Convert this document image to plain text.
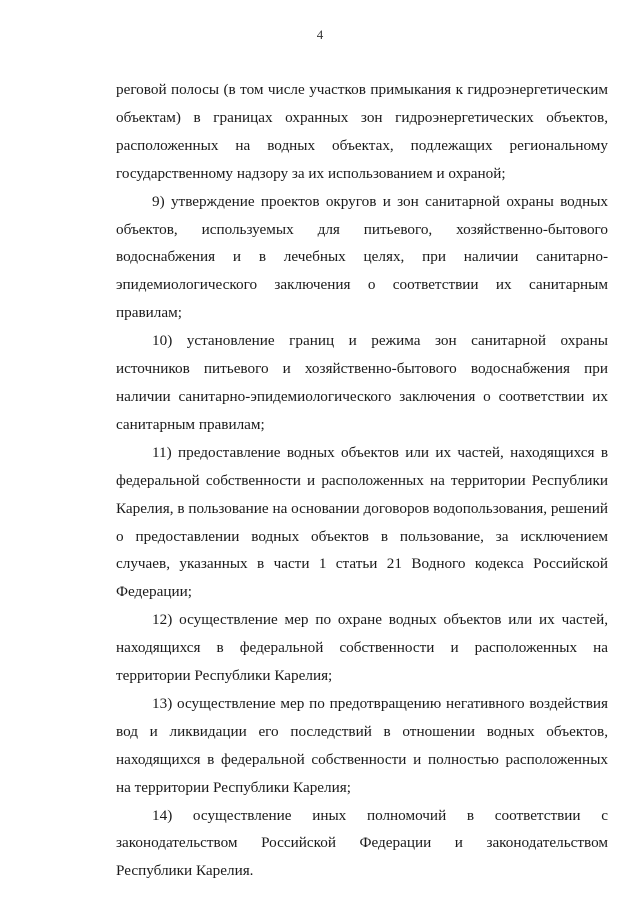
4

реговой полосы (в том числе участков примыкания к гидроэнергетическим объектам) в границах охранных зон гидроэнергетических объектов, расположенных на водных объектах, подлежащих региональному государственному надзору за их использованием и охраной;

9) утверждение проектов округов и зон санитарной охраны водных объектов, используемых для питьевого, хозяйственно-бытового водоснабжения и в лечебных целях, при наличии санитарно-эпидемиологического заключения о соответствии их санитарным правилам;

10) установление границ и режима зон санитарной охраны источников питьевого и хозяйственно-бытового водоснабжения при наличии санитарно-эпидемиологического заключения о соответствии их санитарным правилам;

11) предоставление водных объектов или их частей, находящихся в федеральной собственности и расположенных на территории Республики Карелия, в пользование на основании договоров водопользования, решений о предоставлении водных объектов в пользование, за исключением случаев, указанных в части 1 статьи 21 Водного кодекса Российской Федерации;

12) осуществление мер по охране водных объектов или их частей, находящихся в федеральной собственности и расположенных на территории Республики Карелия;

13) осуществление мер по предотвращению негативного воздействия вод и ликвидации его последствий в отношении водных объектов, находящихся в федеральной собственности и полностью расположенных на территории Республики Карелия;

14) осуществление иных полномочий в соответствии с законодательством Российской Федерации и законодательством Республики Карелия.
